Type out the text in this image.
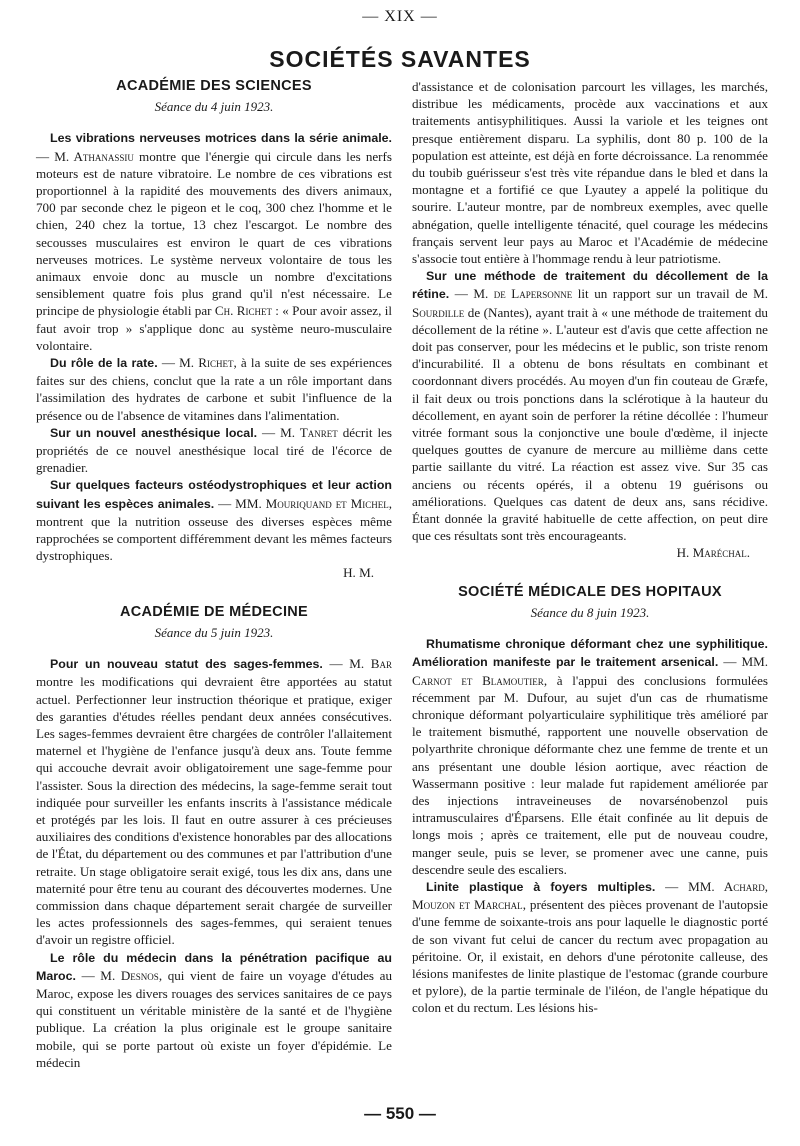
— XIX —
SOCIÉTÉS SAVANTES
ACADÉMIE DES SCIENCES
Séance du 4 juin 1923.

Les vibrations nerveuses motrices dans la série animale. — M. Athanassiu montre que l'énergie qui circule dans les nerfs moteurs est de nature vibratoire. Le nombre de ces vibrations est proportionnel à la rapidité des mouvements des divers animaux, 700 par seconde chez le pigeon et le coq, 300 chez l'homme et le chien, 240 chez la tortue, 13 chez l'escargot. Le nombre des secousses musculaires est environ le quart de ces vibrations nerveuses motrices. Le système nerveux volontaire de tous les animaux envoie donc au muscle un nombre d'excitations sensiblement quatre fois plus grand qu'il n'est nécessaire. Le principe de physiologie établi par Ch. Richet : « Pour avoir assez, il faut avoir trop » s'applique donc au système neuro-musculaire volontaire.

Du rôle de la rate. — M. Richet, à la suite de ses expériences faites sur des chiens, conclut que la rate a un rôle important dans l'assimilation des hydrates de carbone et subit l'influence de la présence ou de l'absence de vitamines dans l'alimentation.

Sur un nouvel anesthésique local. — M. Tanret décrit les propriétés de ce nouvel anesthésique local tiré de l'écorce de grenadier.

Sur quelques facteurs ostéodystrophiques et leur action suivant les espèces animales. — MM. Mouriquand et Michel, montrent que la nutrition osseuse des diverses espèces même rapprochées se comportent différemment devant les mêmes facteurs dystrophiques.

H. M.

ACADÉMIE DE MÉDECINE
Séance du 5 juin 1923.

Pour un nouveau statut des sages-femmes. — M. Bar montre les modifications qui devraient être apportées au statut actuel. Perfectionner leur instruction théorique et pratique, exiger des garanties d'études réelles pendant deux années consécutives. Les sages-femmes devraient être chargées de contrôler l'allaitement maternel et l'hygiène de l'enfance jusqu'à deux ans. Toute femme qui accouche devrait avoir obligatoirement une sage-femme pour l'assister. Sous la direction des médecins, la sage-femme serait tout indiquée pour surveiller les enfants inscrits à l'assistance médicale et protégés par les lois. Il faut en outre assurer à ces précieuses auxiliaires des conditions d'existence honorables par des allocations de l'État, du département ou des communes et par l'attribution d'une retraite. Un stage obligatoire serait exigé, tous les dix ans, dans une maternité pour être tenu au courant des découvertes modernes. Une commission dans chaque département serait chargée de surveiller les actes professionnels des sages-femmes, qui seraient tenues d'avoir un registre officiel.

Le rôle du médecin dans la pénétration pacifique au Maroc. — M. Desnos, qui vient de faire un voyage d'études au Maroc, expose les divers rouages des services sanitaires de ce pays qui constituent un véritable ministère de la santé et de l'hygiène publique. La création la plus originale est le groupe sanitaire mobile, qui se porte partout où existe un foyer d'épidémie. Le médecin

d'assistance et de colonisation parcourt les villages, les marchés, distribue les médicaments, procède aux vaccinations et aux traitements antisyphilitiques. Aussi la variole et les teignes ont presque entièrement disparu. La syphilis, dont 80 p. 100 de la population est atteinte, est déjà en forte décroissance. La renommée du toubib guérisseur s'est très vite répandue dans le bled et dans la montagne et a fortifié ce que Lyautey a appelé la politique du sourire. L'auteur montre, par de nombreux exemples, avec quelle abnégation, quelle intelligente ténacité, quel courage les médecins français servent leur pays au Maroc et l'Académie de médecine s'associe tout entière à l'hommage rendu à leur patriotisme.

Sur une méthode de traitement du décollement de la rétine. — M. de Lapersonne lit un rapport sur un travail de M. Sourdille de (Nantes), ayant trait à « une méthode de traitement du décollement de la rétine ». L'auteur est d'avis que cette affection ne doit pas conserver, pour les médecins et le public, son triste renom d'incurabilité. Il a obtenu de bons résultats en combinant et coordonnant divers procédés. Au moyen d'un fin couteau de Græfe, il fait deux ou trois ponctions dans la sclérotique à la hauteur du décollement, en ayant soin de perforer la rétine décollée : l'humeur vitrée formant sous la conjonctive une boule d'œdème, il injecte quelques gouttes de cyanure de mercure au millième dans cette partie saillante du vitré. La réaction est assez vive. Sur 35 cas anciens ou récents opérés, il a obtenu 19 guérisons ou améliorations. Quelques cas datent de deux ans, sans récidive. Étant donnée la gravité habituelle de cette affection, on peut dire que ces résultats sont très encourageants.

H. Maréchal.

SOCIÉTÉ MÉDICALE DES HOPITAUX
Séance du 8 juin 1923.

Rhumatisme chronique déformant chez une syphilitique. Amélioration manifeste par le traitement arsenical. — MM. Carnot et Blamoutier, à l'appui des conclusions formulées récemment par M. Dufour, au sujet d'un cas de rhumatisme chronique déformant polyarticulaire syphilitique très amélioré par le traitement bismuthé, rapportent une nouvelle observation de polyarthrite chronique déformante chez une femme de trente et un ans présentant une double lésion aortique, avec réaction de Wassermann positive : leur malade fut rapidement améliorée par des injections intraveineuses de novarsénobenzol puis intramusculaires d'Éparsens. Elle était confinée au lit depuis de longs mois ; après ce traitement, elle put de nouveau coudre, manger seule, puis se lever, se promener avec une canne, puis descendre seule des escaliers.

Linite plastique à foyers multiples. — MM. Achard, Mouzon et Marchal, présentent des pièces provenant de l'autopsie d'une femme de soixante-trois ans pour laquelle le diagnostic porté de son vivant fut celui de cancer du rectum avec propagation au péritoine. Or, il existait, en dehors d'une pérotonite calleuse, des lésions manifestes de linite plastique de l'estomac (grande courbure et pylore), de la partie terminale de l'iléon, de l'angle hépatique du colon et du rectum. Les lésions his-

— 550 —
